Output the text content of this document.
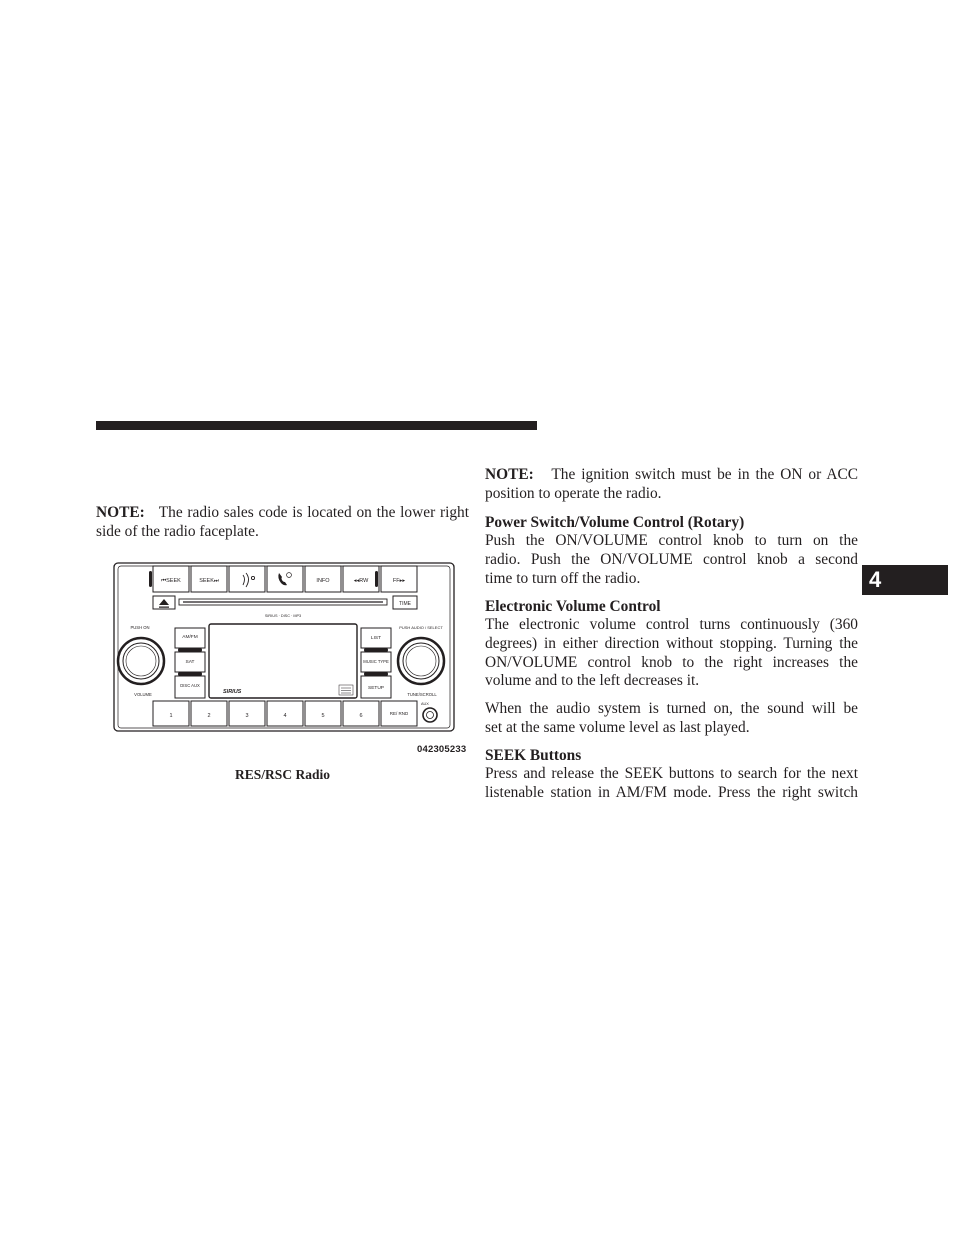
4

NOTE: The radio sales code is located on the lower right
side of the radio faceplate.

⏮SEEK	SEEK⏭	INFO	◂◂RW	FF▸▸
TIME
SIRIUS · DISC · MP3
PUSH ON
VOLUME
PUSH AUDIO / SELECT
TUNE/SCROLL
AM/FM
SAT
DISC AUX
SIRIUS
LIST
MUSIC TYPE
SETUP
1	2	3	4	5	6	RE/ RND
AUX
042305233
RES/RSC Radio

NOTE: The ignition switch must be in the ON or ACC
position to operate the radio.

Power Switch/Volume Control (Rotary)

Push the ON/VOLUME control knob to turn on the
radio. Push the ON/VOLUME control knob a second
time to turn off the radio.

Electronic Volume Control

The electronic volume control turns continuously (360
degrees) in either direction without stopping. Turning the
ON/VOLUME control knob to the right increases the
volume and to the left decreases it.

When the audio system is turned on, the sound will be
set at the same volume level as last played.

SEEK Buttons

Press and release the SEEK buttons to search for the next
listenable station in AM/FM mode. Press the right switch
